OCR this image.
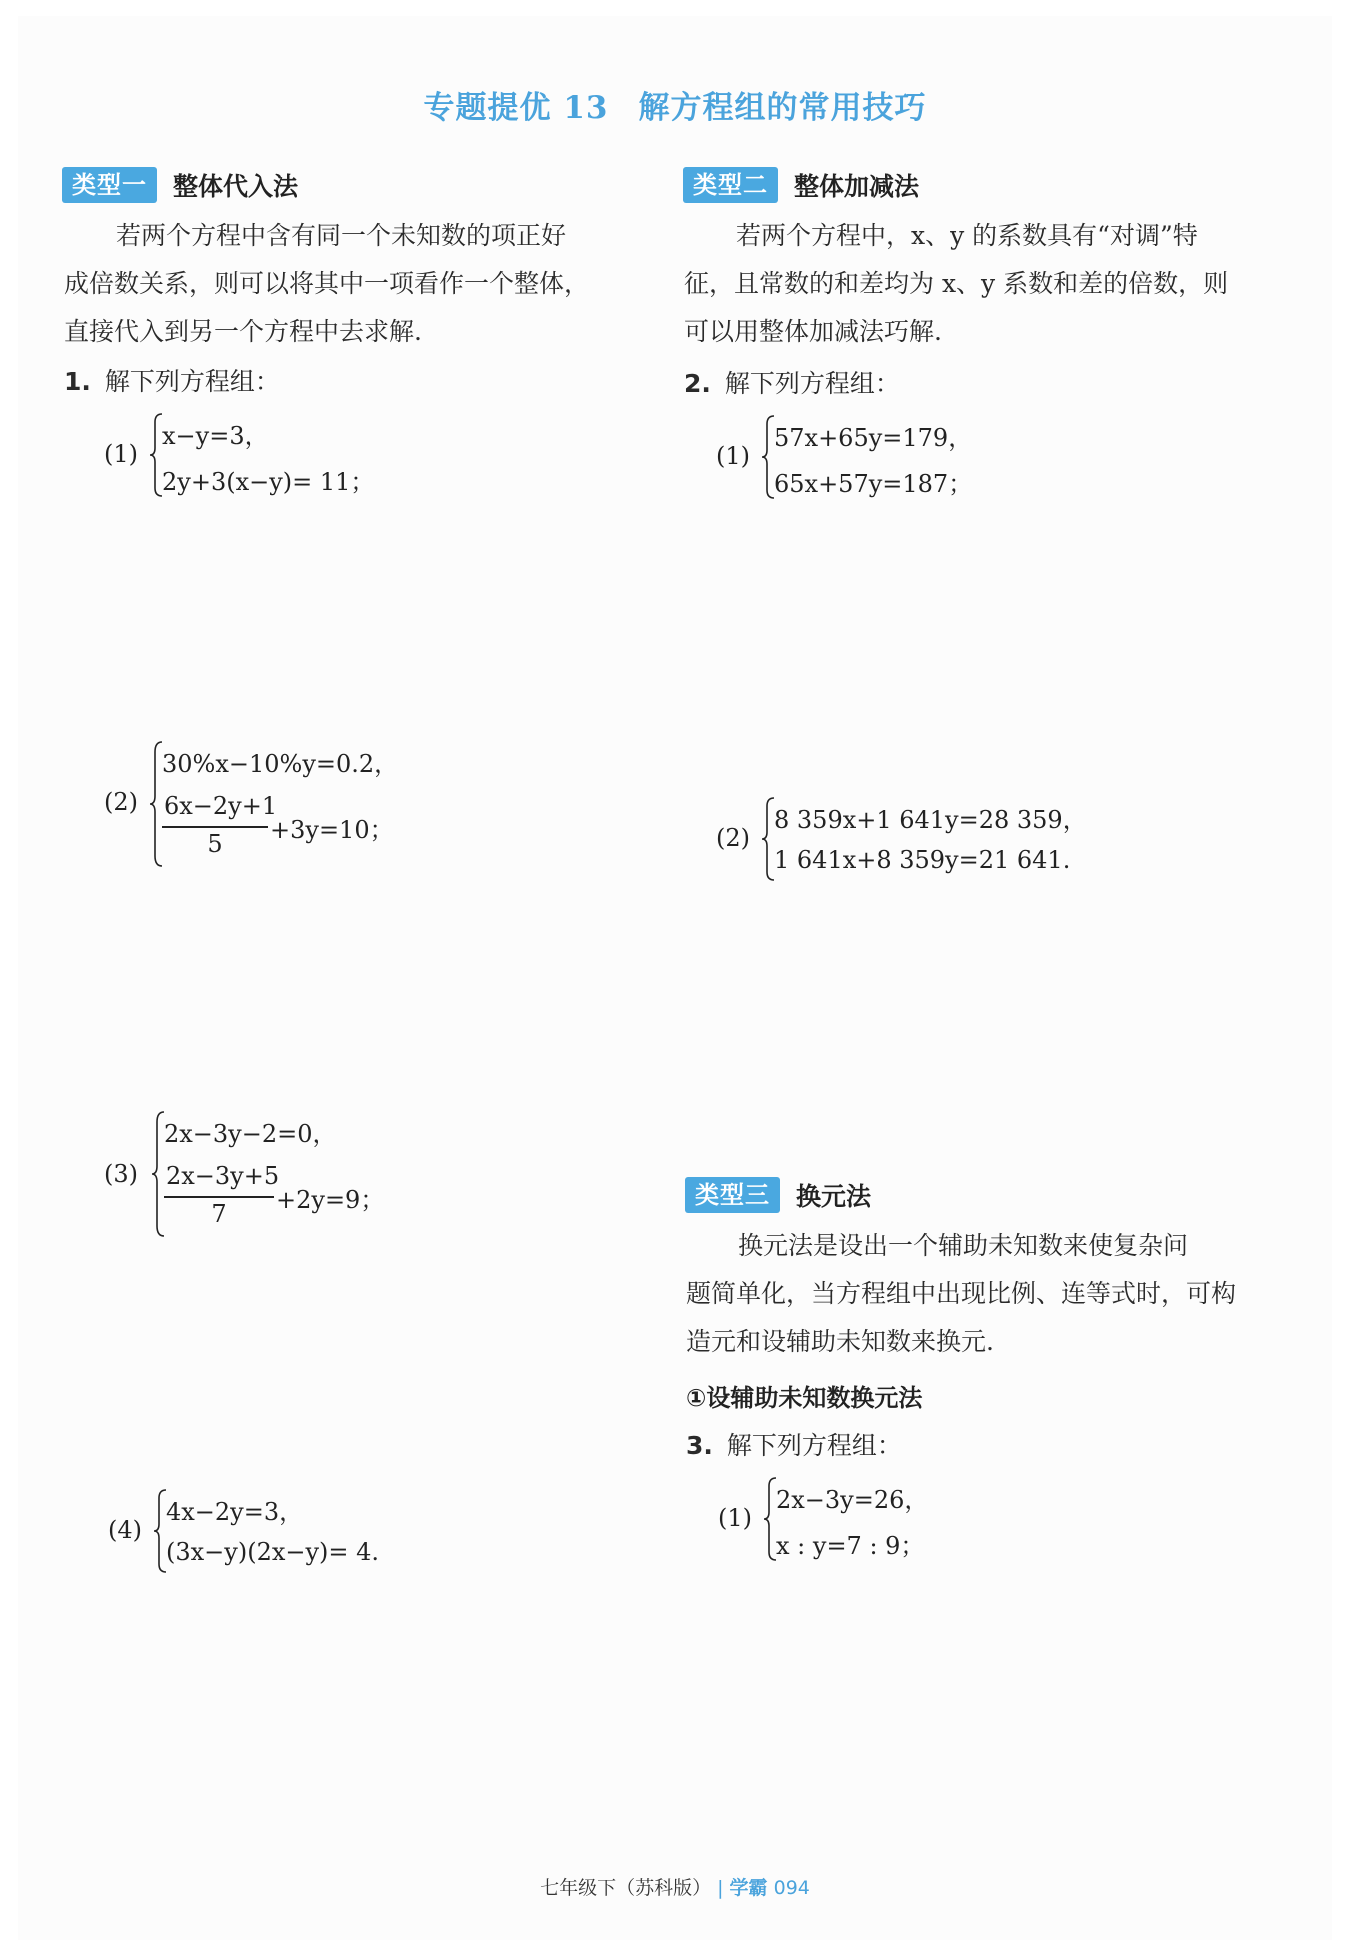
专题提优 13 解方程组的常用技巧
类型一	整体代入法
若两个方程中含有同一个未知数的项正好
成倍数关系，则可以将其中一项看作一个整体，
直接代入到另一个方程中去求解.
1. 解下列方程组：
(1)
x−y=3，
2y+3(x−y)= 11；
(2)
30%x−10%y=0.2，
6x−2y+1
5	+3y=10；
(3)
2x−3y−2=0，
2x−3y+5
7	+2y=9；
(4)
4x−2y=3，
(3x−y)(2x−y)= 4.
类型二	整体加减法
若两个方程中，x、y 的系数具有“对调”特
征，且常数的和差均为 x、y 系数和差的倍数，则
可以用整体加减法巧解.
2. 解下列方程组：
(1)
57x+65y=179，
65x+57y=187；
(2)
8 359x+1 641y=28 359，
1 641x+8 359y=21 641.
类型三	换元法
换元法是设出一个辅助未知数来使复杂问
题简单化，当方程组中出现比例、连等式时，可构
造元和设辅助未知数来换元.
①设辅助未知数换元法
3. 解下列方程组：
(1)
2x−3y=26，
x : y=7 : 9；
七年级下（苏科版） | 学霸 094
